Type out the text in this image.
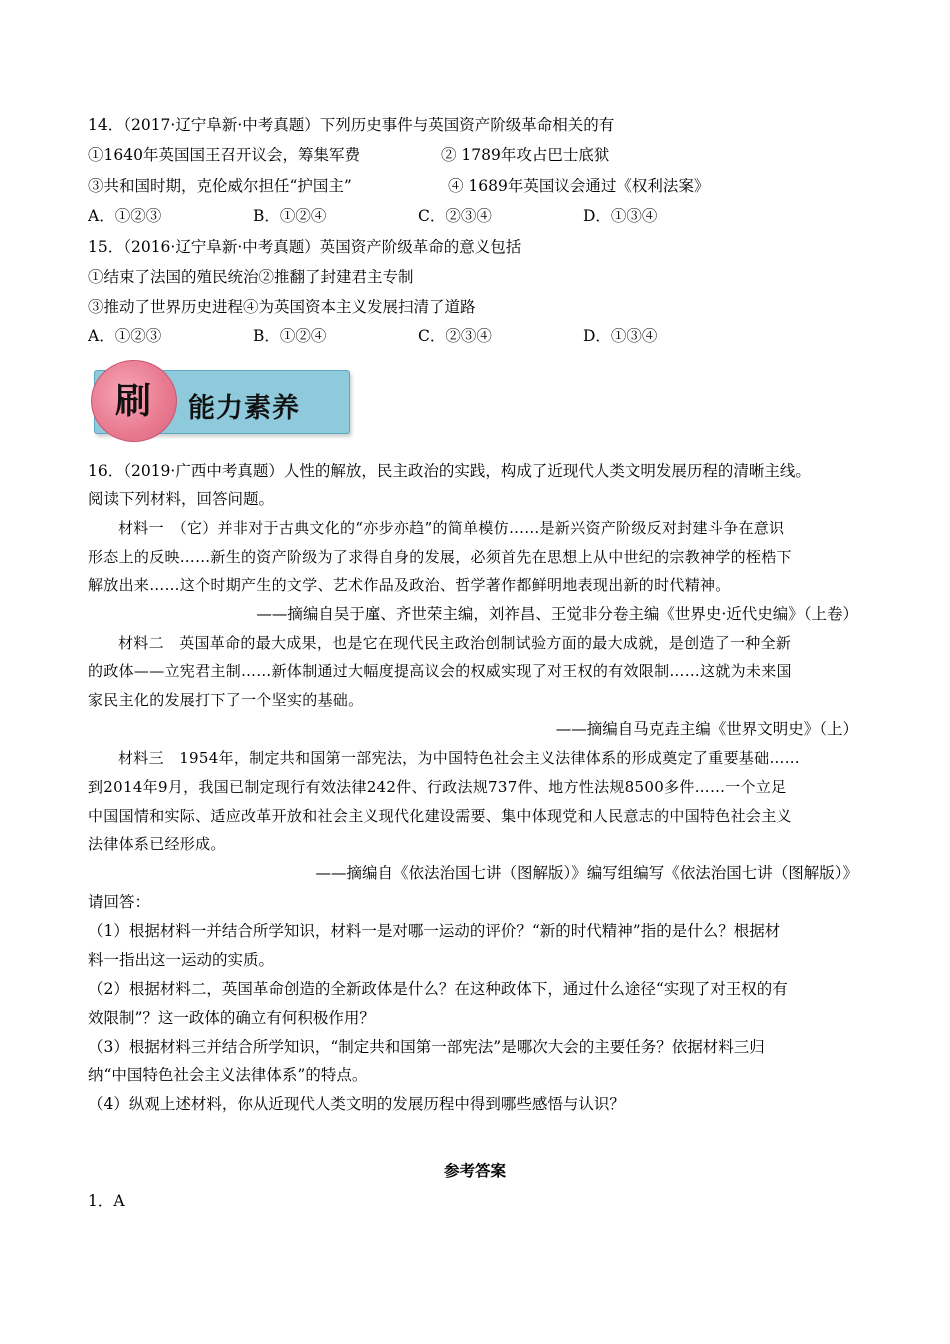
14．（2017·辽宁阜新·中考真题）下列历史事件与英国资产阶级革命相关的有
①1640年英国国王召开议会，筹集军费	② 1789年攻占巴士底狱
③共和国时期，克伦威尔担任“护国主”	④ 1689年英国议会通过《权利法案》
A．①②③	B．①②④	C．②③④	D．①③④
15．（2016·辽宁阜新·中考真题）英国资产阶级革命的意义包括
①结束了法国的殖民统治②推翻了封建君主专制
③推动了世界历史进程④为英国资本主义发展扫清了道路
A．①②③	B．①②④	C．②③④	D．①③④
刷	能力素养
16．（2019·广西中考真题）人性的解放，民主政治的实践，构成了近现代人类文明发展历程的清晰主线。
阅读下列材料，回答问题。
材料一　（它）并非对于古典文化的“亦步亦趋”的简单模仿……是新兴资产阶级反对封建斗争在意识
形态上的反映……新生的资产阶级为了求得自身的发展，必须首先在思想上从中世纪的宗教神学的桎梏下
解放出来……这个时期产生的文学、艺术作品及政治、哲学著作都鲜明地表现出新的时代精神。
——摘编自吴于廑、齐世荣主编，刘祚昌、王觉非分卷主编《世界史·近代史编》（上卷）
材料二　英国革命的最大成果，也是它在现代民主政治创制试验方面的最大成就，是创造了一种全新
的政体——立宪君主制……新体制通过大幅度提高议会的权威实现了对王权的有效限制……这就为未来国
家民主化的发展打下了一个坚实的基础。
——摘编自马克垚主编《世界文明史》（上）
材料三　1954年，制定共和国第一部宪法，为中国特色社会主义法律体系的形成奠定了重要基础……
到2014年9月，我国已制定现行有效法律242件、行政法规737件、地方性法规8500多件……一个立足
中国国情和实际、适应改革开放和社会主义现代化建设需要、集中体现党和人民意志的中国特色社会主义
法律体系已经形成。
——摘编自《依法治国七讲（图解版）》编写组编写《依法治国七讲（图解版）》
请回答：
（1）根据材料一并结合所学知识，材料一是对哪一运动的评价？“新的时代精神”指的是什么？根据材
料一指出这一运动的实质。
（2）根据材料二，英国革命创造的全新政体是什么？在这种政体下，通过什么途径“实现了对王权的有
效限制”？这一政体的确立有何积极作用？
（3）根据材料三并结合所学知识，“制定共和国第一部宪法”是哪次大会的主要任务？依据材料三归
纳“中国特色社会主义法律体系”的特点。
（4）纵观上述材料，你从近现代人类文明的发展历程中得到哪些感悟与认识？
参考答案
1．A
